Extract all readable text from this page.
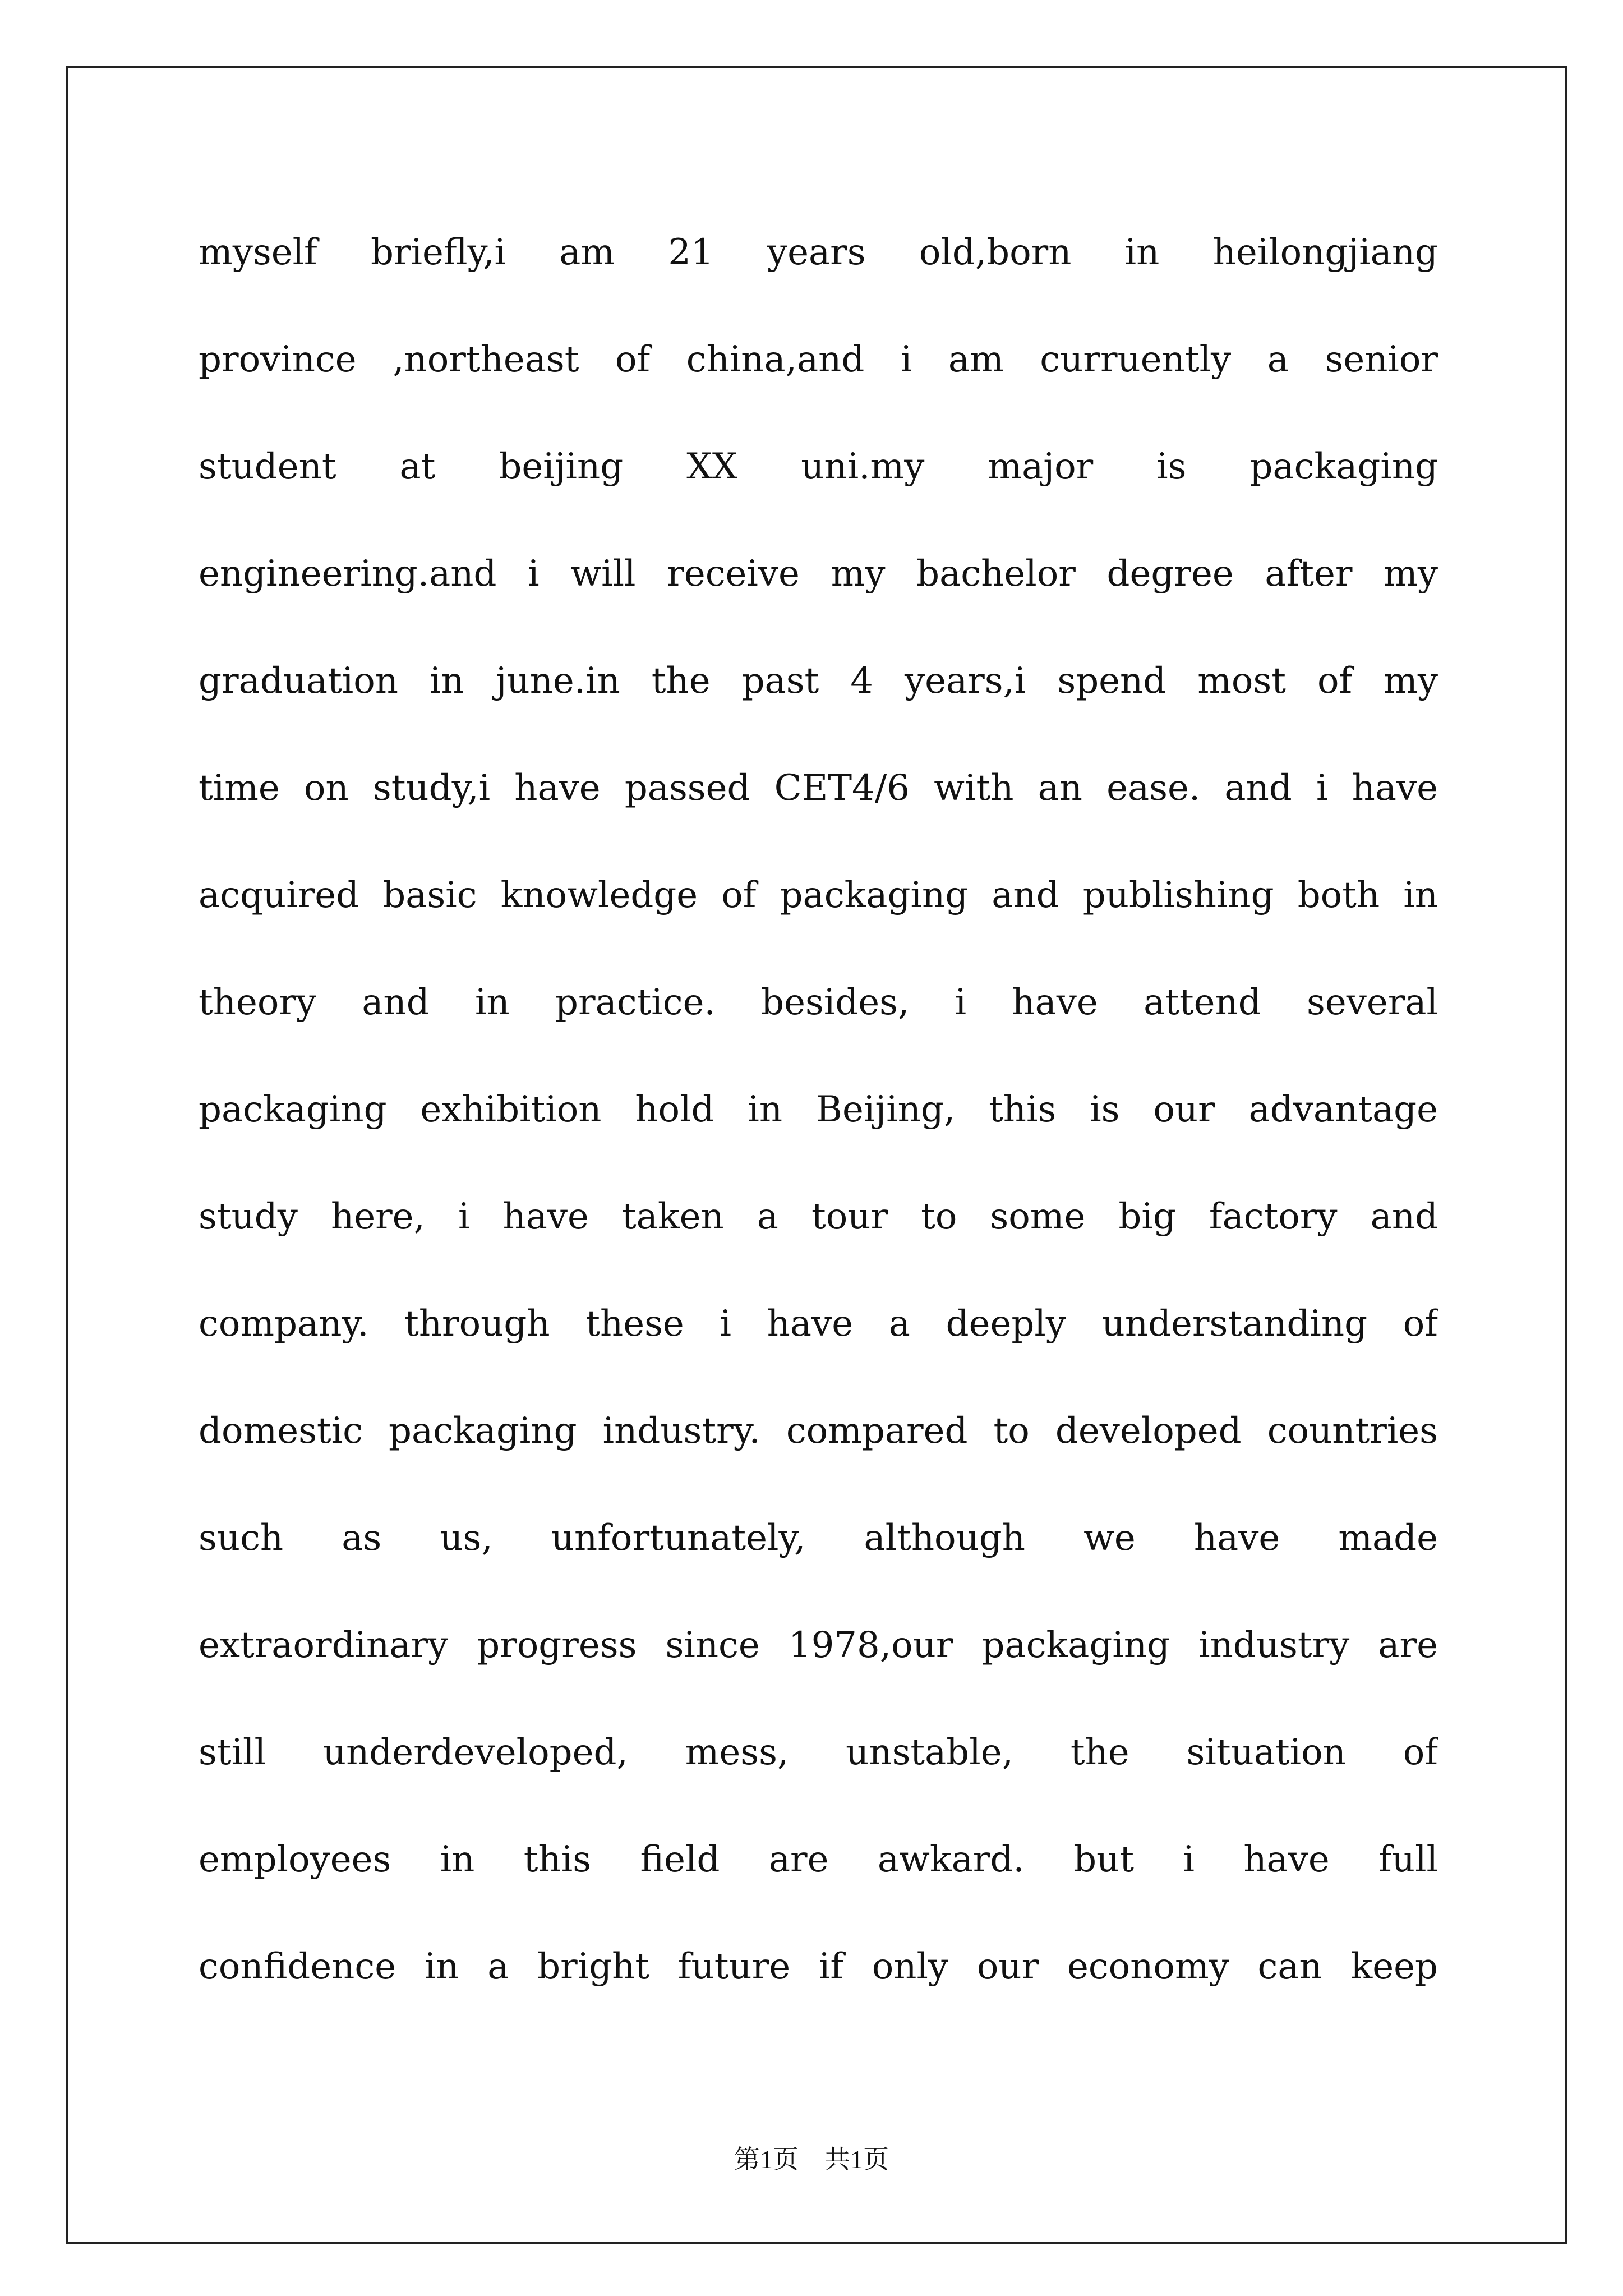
myself briefly,i am 21 years old,born in heilongjiang
province ,northeast of china,and i am curruently a senior
student at beijing XX uni.my major is packaging
engineering.and i will receive my bachelor degree after my
graduation in june.in the past 4 years,i spend most of my
time on study,i have passed CET4/6 with an ease. and i have
acquired basic knowledge of packaging and publishing both in
theory and in practice. besides, i have attend several
packaging exhibition hold in Beijing, this is our advantage
study here, i have taken a tour to some big factory and
company. through these i have a deeply understanding of
domestic packaging industry. compared to developed countries
such as us, unfortunately, although we have made
extraordinary progress since 1978,our packaging industry are
still underdeveloped, mess, unstable, the situation of
employees in this field are awkard. but i have full
confidence in a bright future if only our economy can keep
第1页　共1页
